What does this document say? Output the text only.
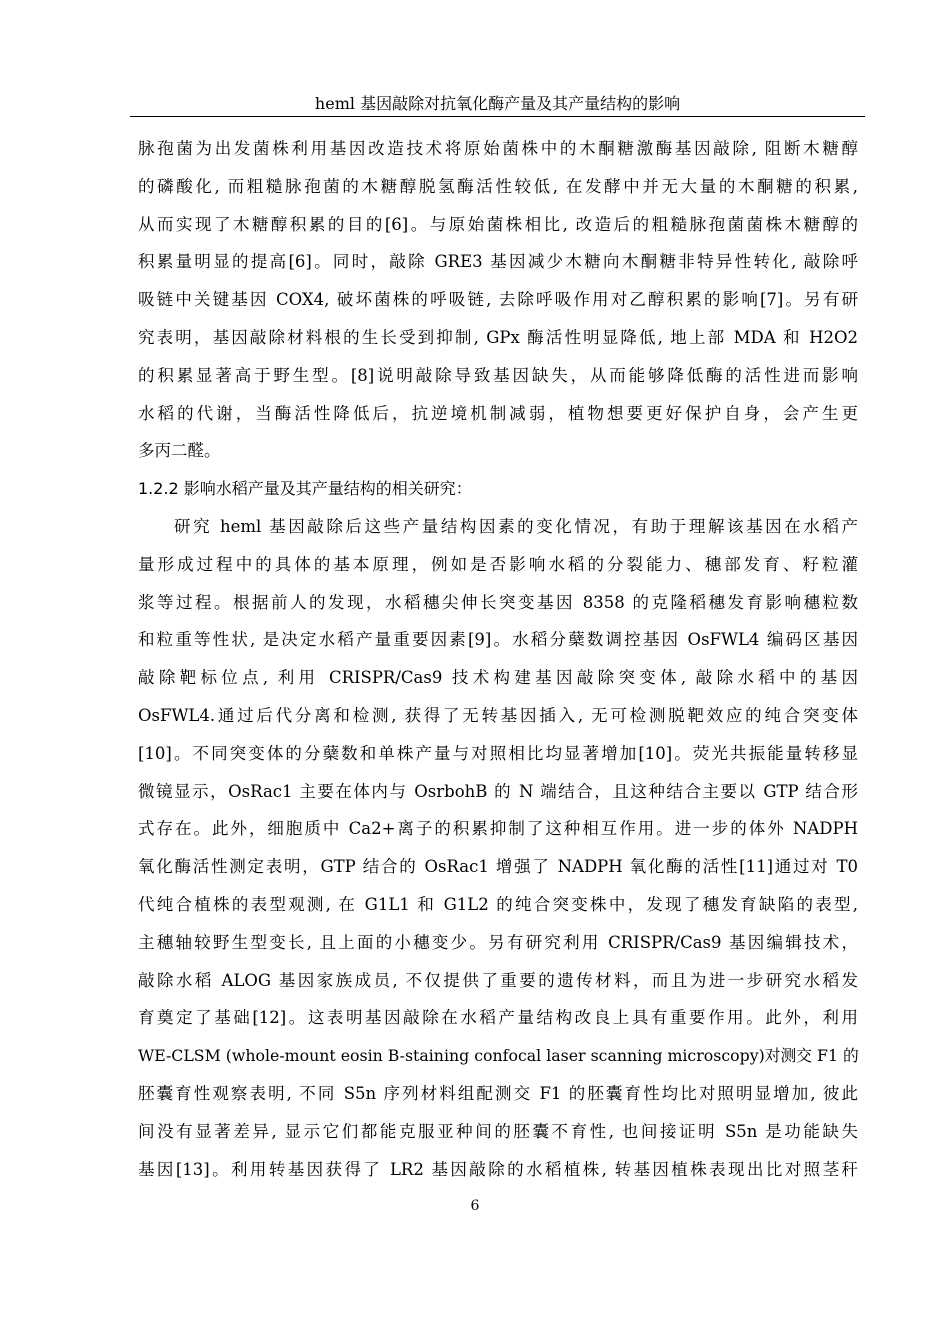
heml 基因敲除对抗氧化酶产量及其产量结构的影响
脉孢菌为出发菌株利用基因改造技术将原始菌株中的木酮糖激酶基因敲除, 阻断木糖醇
的磷酸化, 而粗糙脉孢菌的木糖醇脱氢酶活性较低, 在发酵中并无大量的木酮糖的积累,
从而实现了木糖醇积累的目的[6]。与原始菌株相比, 改造后的粗糙脉孢菌菌株木糖醇的
积累量明显的提高[6]。同时，敲除 GRE3 基因减少木糖向木酮糖非特异性转化, 敲除呼
吸链中关键基因 COX4, 破坏菌株的呼吸链, 去除呼吸作用对乙醇积累的影响[7]。另有研
究表明，基因敲除材料根的生长受到抑制, GPx 酶活性明显降低, 地上部 MDA 和 H2O2
的积累显著高于野生型。[8]说明敲除导致基因缺失，从而能够降低酶的活性进而影响
水稻的代谢，当酶活性降低后，抗逆境机制减弱，植物想要更好保护自身，会产生更
多丙二醛。
1.2.2 影响水稻产量及其产量结构的相关研究：
研究 heml 基因敲除后这些产量结构因素的变化情况，有助于理解该基因在水稻产
量形成过程中的具体的基本原理，例如是否影响水稻的分裂能力、穗部发育、籽粒灌
浆等过程。根据前人的发现，水稻穗尖伸长突变基因 8358 的克隆稻穗发育影响穗粒数
和粒重等性状, 是决定水稻产量重要因素[9]。水稻分蘖数调控基因 OsFWL4 编码区基因
敲除靶标位点, 利用 CRISPR/Cas9 技术构建基因敲除突变体, 敲除水稻中的基因
OsFWL4.通过后代分离和检测, 获得了无转基因插入, 无可检测脱靶效应的纯合突变体
[10]。不同突变体的分蘖数和单株产量与对照相比均显著增加[10]。荧光共振能量转移显
微镜显示，OsRac1 主要在体内与 OsrbohB 的 N 端结合，且这种结合主要以 GTP 结合形
式存在。此外，细胞质中 Ca2+离子的积累抑制了这种相互作用。进一步的体外 NADPH
氧化酶活性测定表明，GTP 结合的 OsRac1 增强了 NADPH 氧化酶的活性[11]通过对 T0
代纯合植株的表型观测, 在 G1L1 和 G1L2 的纯合突变株中，发现了穗发育缺陷的表型,
主穗轴较野生型变长, 且上面的小穗变少。另有研究利用 CRISPR/Cas9 基因编辑技术，
敲除水稻 ALOG 基因家族成员, 不仅提供了重要的遗传材料，而且为进一步研究水稻发
育奠定了基础[12]。这表明基因敲除在水稻产量结构改良上具有重要作用。此外，利用
WE-CLSM (whole-mount eosin B-staining confocal laser scanning microscopy)对测交 F1 的
胚囊育性观察表明, 不同 S5n 序列材料组配测交 F1 的胚囊育性均比对照明显增加, 彼此
间没有显著差异, 显示它们都能克服亚种间的胚囊不育性, 也间接证明 S5n 是功能缺失
基因[13]。利用转基因获得了 LR2 基因敲除的水稻植株, 转基因植株表现出比对照茎秆
6
